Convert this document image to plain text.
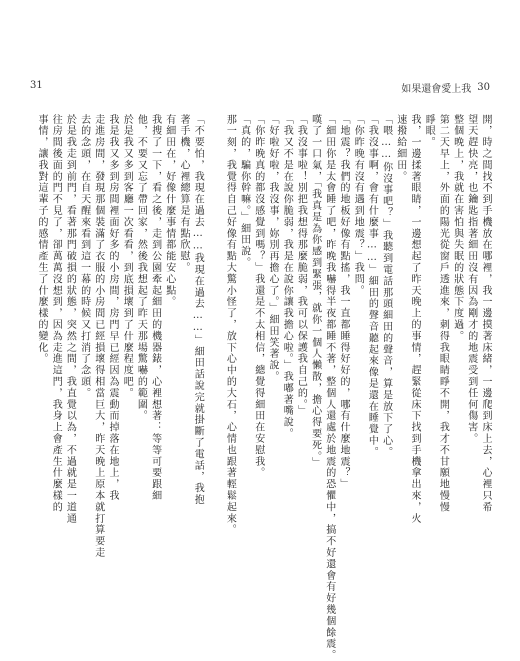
31	如果還會愛上我 30
開，時之間找不到手機放在哪裡，我一邊摸著床緒，一邊爬到床上去，心裡只希
望天趕快亮，也鑰匙指著細田沒有因為剛才的地震受到任何傷害。
整個晚上，我就在害怕與失眠的狀態下度過。
第二天早上，外面的陽光從窗戶透進來，刺得我眼睛睜不開，我才不甘願地慢慢
睜眼。
我，一邊揉著眼睛，一邊想起了昨天晚上的事情，趕緊從床下找到手機拿出來，火
速撥給細田。
「喂……你沒事吧？」我聽到電話那頭細田的聲音，算是放下了心。
「我沒事啊，會有什麼事……」細田的聲音聽起來像是還在睡覺中。
「你昨晚有沒有遇到地震？」我問。
「地震？我們的地板好像有點搖，我一直都睡得好好的，哪有什麼地震？」
「細田你是太會睡了吧，昨晚我嚇得半夜都睡不著，整個人還處於地震的恐懼中，搞不好還會有好幾個餘震。
嘆了一口氣，「我真是為你感到緊張，就你一個人懶散，擔心得要死。」
「我沒事啦！別把我想得那麼脆弱，我可以保護我自己的。」
「我又不是在說你脆弱，我是在說你讓我擔心啦。」我嘟著嘴說。
「好啦好啦，我沒事，妳別再擔心了。」細田笑著說。
「你昨晚真的都沒感覺到嗎？」我還是不太相信，總覺得細田在安慰我。
「真的，騙你幹嘛。」細田說。
那一刻，我覺得自己好像有點大驚小怪了，放下心中的大石，心情也跟著輕鬆起來。
「不要怕，我現在過去……我現在過去……」細田話說完就掛斷了電話，我抱
著手機，心裡總算是有點欣慰。
有細田在，好像什麼事情都能安心點。
我搜了一下，看之後，走到公園牽起細田的機器錶，心裡想著：等等可要跟細
他，不要又忘了帶回家，然後我想起了昨天那場驚嚇的範圍。
於是我又多到客廳一次看看，到底損壞到了什麼程度吧。
我是我又多到房間裡面好多的小房間，房門早已經因為震動而掉落在地上，我
走進房間，發現那個裝滿了衣服的小房間已經損壞得相當巨大，昨天晚上原本就打算要走
去的念頭，在自天醒來看到這一幕的時候又打消了念頭。
於是我走到前門，看著那門破損的狀態，突然之間，我直覺以為，不過就是一道通
往房間後面的門不見了，卻萬萬沒想到，因為走進這門，我身上會產生什麼樣的
事情，讓我對這輩子的感情產生了什麼樣的變化。
